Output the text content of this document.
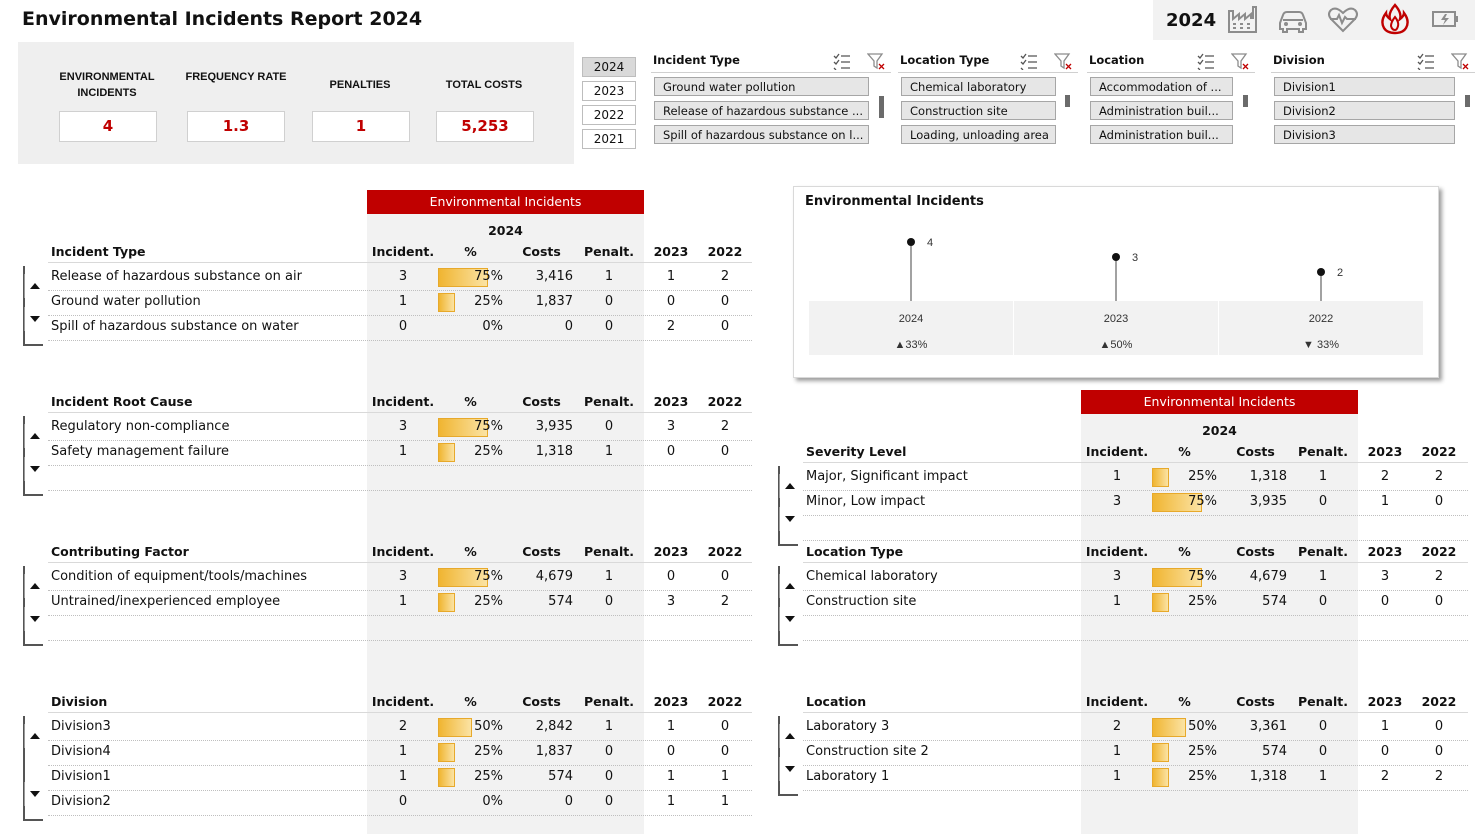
Environmental Incidents Report 2024	2024
ENVIRONMENTAL INCIDENTS
FREQUENCY RATE
PENALTIES	TOTAL COSTS
4	1.3	1	5,253
2024
2023
2022
2021
Incident Type
Ground water pollution
Release of hazardous substance ...
Spill of hazardous substance on l...
Location Type
Chemical laboratory
Construction site
Loading, unloading area
Location
Accommodation of ...
Administration buil...
Administration buil...
Division
Division1
Division2
Division3
Environmental Incidents
2024
Environmental Incidents
2024
Incident Type	Incident.	%	Costs	Penalt.	2023	2022
Release of hazardous substance on air	3	75%	3,416	1	1	2
Ground water pollution	1	25%	1,837	0	0	0
Spill of hazardous substance on water	0	0%	0	0	2	0
Incident Root Cause	Incident.	%	Costs	Penalt.	2023	2022
Regulatory non-compliance	3	75%	3,935	0	3	2
Safety management failure	1	25%	1,318	1	0	0
Contributing Factor	Incident.	%	Costs	Penalt.	2023	2022
Condition of equipment/tools/machines	3	75%	4,679	1	0	0
Untrained/inexperienced employee	1	25%	574	0	3	2
Division	Incident.	%	Costs	Penalt.	2023	2022
Division3	2	50%	2,842	1	1	0
Division4	1	25%	1,837	0	0	0
Division1	1	25%	574	0	1	1
Division2	0	0%	0	0	1	1
Severity Level	Incident.	%	Costs	Penalt.	2023	2022
Major, Significant impact	1	25%	1,318	1	2	2
Minor, Low impact	3	75%	3,935	0	1	0
Location Type	Incident.	%	Costs	Penalt.	2023	2022
Chemical laboratory	3	75%	4,679	1	3	2
Construction site	1	25%	574	0	0	0
Location	Incident.	%	Costs	Penalt.	2023	2022
Laboratory 3	2	50%	3,361	0	1	0
Construction site 2	1	25%	574	0	0	0
Laboratory 1	1	25%	1,318	1	2	2
Environmental Incidents
2024
▲33%
2023
▲50%
2022
▼ 33%
4
3
2
